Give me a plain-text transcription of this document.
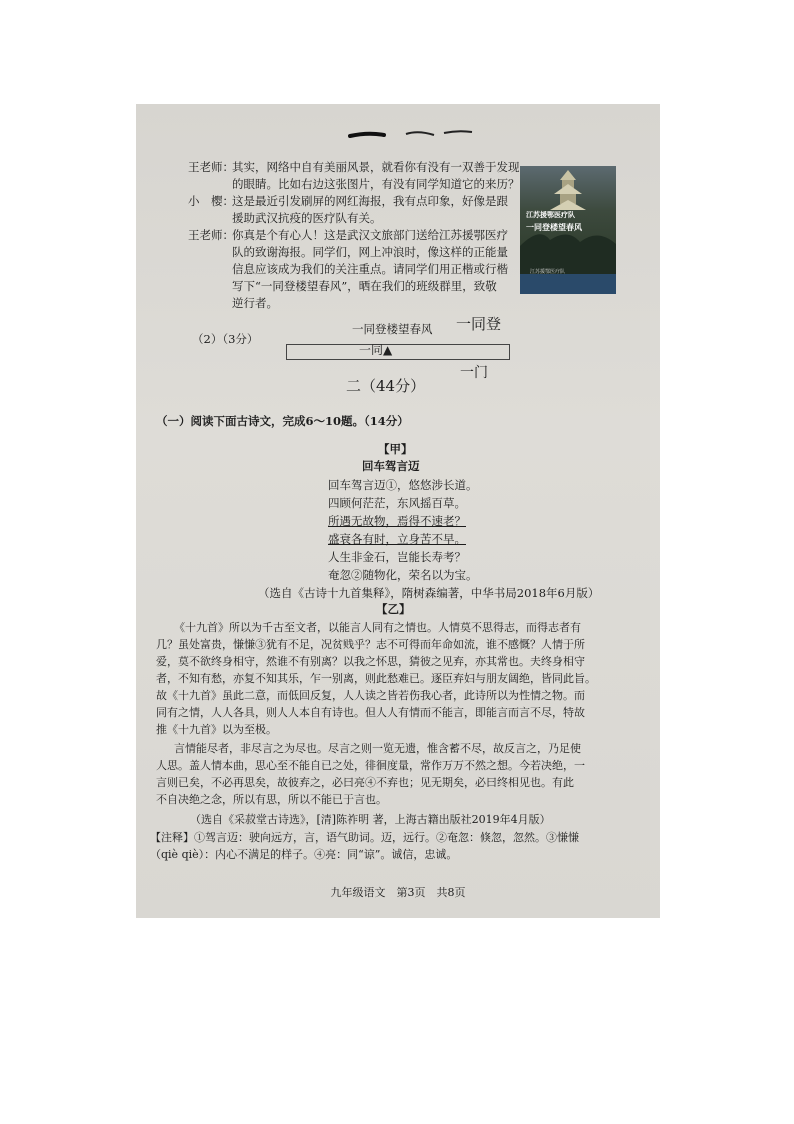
王老师：
其实，网络中自有美丽风景，就看你有没有一双善于发现
的眼睛。比如右边这张图片，有没有同学知道它的来历？
小　樱：
这是最近引发刷屏的网红海报，我有点印象，好像是跟
援助武汉抗疫的医疗队有关。
王老师：
你真是个有心人！这是武汉文旅部门送给江苏援鄂医疗
队的致谢海报。同学们，网上冲浪时，像这样的正能量
信息应该成为我们的关注重点。请同学们用正楷或行楷
写下“一同登楼望春风”，晒在我们的班级群里，致敬
逆行者。
江苏援鄂医疗队
一同登楼望春风
江苏援鄂医疗队
一同登楼望春风 一同登
（2）（3分）
一同▲
一门
二（44分）
（一）阅读下面古诗文，完成6～10题。（14分）
【甲】
回车驾言迈
回车驾言迈①，悠悠涉长道。
四顾何茫茫，东风摇百草。
所遇无故物，焉得不速老？
盛衰各有时，立身苦不早。
人生非金石，岂能长寿考？
奄忽②随物化，荣名以为宝。
（选自《古诗十九首集释》，隋树森编著，中华书局2018年6月版）
【乙】
《十九首》所以为千古至文者，以能言人同有之情也。人情莫不思得志，而得志者有
几？虽处富贵，慊慊③犹有不足，况贫贱乎？志不可得而年命如流，谁不感慨？人情于所
爱，莫不欲终身相守，然谁不有别离？以我之怀思，猜彼之见弃，亦其常也。夫终身相守
者，不知有愁，亦复不知其乐，乍一别离，则此愁难已。逐臣弃妇与朋友阔绝，皆同此旨。
故《十九首》虽此二意，而低回反复，人人读之皆若伤我心者，此诗所以为性情之物。而
同有之情，人人各具，则人人本自有诗也。但人人有情而不能言，即能言而言不尽，特故
推《十九首》以为至极。
言情能尽者，非尽言之为尽也。尽言之则一览无遗，惟含蓄不尽，故反言之，乃足使
人思。盖人情本曲，思心至不能自已之处，徘徊度量，常作万万不然之想。今若决绝，一
言则已矣，不必再思矣，故彼弃之，必曰亮④不弃也；见无期矣，必曰终相见也。有此
不自决绝之念，所以有思，所以不能已于言也。
（选自《采菽堂古诗选》，[清]陈祚明 著，上海古籍出版社2019年4月版）
【注释】①驾言迈：驶向远方，言，语气助词。迈，远行。②奄忽：倏忽，忽然。③慊慊
（qiè qiè）：内心不满足的样子。④亮：同“谅”。诚信，忠诚。
九年级语文　第3页　共8页
